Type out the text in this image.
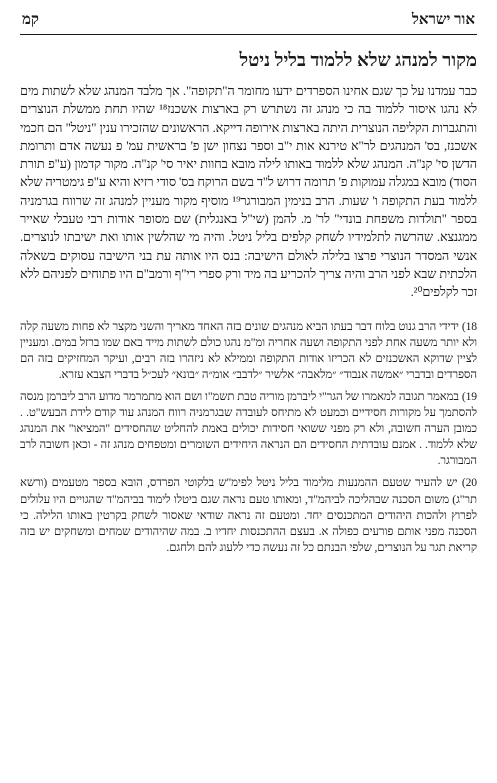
אור ישראל
קמ
מקור למנהג שלא ללמוד בליל ניטל

כבר עמדנו על כך שגם אחינו הספרדים ידעו מחומר ה"תקופה". אך מלבד המנהג שלא לשתות מים לא נהגו איסור ללמוד בה כי מנהג זה נשתרש רק בארצות אשכנז¹⁸ שהיו תחת ממשלת הנוצרים והתגברות הקליפה הנוצרית היתה בארצות אירופה דייקא. הראשונים שהזכירו ענין "ניטל" הם חכמי אשכנז, בס' המנהגים לר"א טירנא אות י"ב וספר נצחון ישן פ' בראשית עמ' פ נעשה אדם ותרומת הדשן סי' קנ"ה. המנהג שלא ללמוד באותו לילה מובא בחוות יאיר סי' קנ"ה. מקור קדמון (ע"פ תורת הסוד) מובא במגלה עמוקות פ' תרומה דרוש ל"ד בשם הרוקח בס' סודי רזיא והיא ע"פ גימטריה שלא ללמוד בעת התקופה ו' שעות. הרב בנימין המבורגר¹⁹ מוסיף מקור מעניין למנהג זה שרווח בגרמניה בספר "תולדות משפחת בונדי" לר' מ. להמן (שי"ל באנגלית) שם מסופר אודות רבי טעבלי שאייר ממגנצא. שהרשה לתלמידיו לשחק קלפים בליל ניטל. והיה מי שהלשין אותו ואת ישיבתו לנוצרים. אנשי המסדר הנוצרי פרצו בלילה לאולם הישיבה: בנס היו אותה עת בני הישיבה עסוקים בשאלה הלכתית שבא לפני הרב והיה צריך להכריע בה מיד ורק ספרי רי"ף ורמב"ם היו פתוחים לפניהם ללא זכר לקלפים²⁰.

18) ידידי הרב גנוט בלוח דבר בעתו הביא מנהגים שונים בזה האחד מאריך והשני מקצר לא פחות משעה קלה ולא יותר משעה אחת לפני התקופה ושעה אחריה ומ"מ נהגו כולם לשתות מייד באם שמו ברזל במים. ומעניין לציין שדוקא האשכנזים לא הכריזו אודות התקופה וממילא לא ניזהרו בזה רבים, ועיקר המחזיקים בזה הם הספרדים ובדברי ״אמשה אנבוד״ ״מלאבה״ אלשיר ״לדבב״ אומ״ה ״בונא״ לעכ״ל בדברי הצבא עזרא.

19) במאמר תגובה למאמרו של הגר"י ליברמן מוריה טבת תשמ"ו ושם הוא מתמרמר מדוע הרב ליברמן מנסה להסתמך על מקורות חסידיים וכמעט לא מתיחס לעובדה שבגרמניה רווח המנהג עוד קודם לידת הבעש"ט. . כמובן הערה חשובה, ולא רק מפני ששואי חסידות יכולים באמת להחליט שהחסידים "המציאו" את המנהג שלא ללמוד. . אמנם עובדתית החסידים הם הנראה היחידים השומרים ומטפחים מנהג זה - וכאן חשובה לרב המבורגר.

20) יש להעיר שטעם ההמנעות מלימוד בליל ניטל לפימ"ש בלקוטי הפרדס, הובא בספר מטעמים (ורשא תר"ג) משום הסכנה שבהליכה לביהמ"ד, ומאותו טעם נראה שגם ביטלו לימוד בביהמ"ד שהגויים היו עלולים לפרוץ ולהכות היהודים המתכנסים יחד. ומטעם זה נראה שודאי שאסור לשחק בקרטין באותו הלילה. כי הסכנה מפני אותם פורעים כפולה א. בעצם ההתכנסות יחדיו ב. במה שהיהודים שמחים ומשחקים יש בזה קריאת תגר על הנוצרים, שלפי הבנתם כל זה נעשה כדי ללעוג להם ולחגם.
